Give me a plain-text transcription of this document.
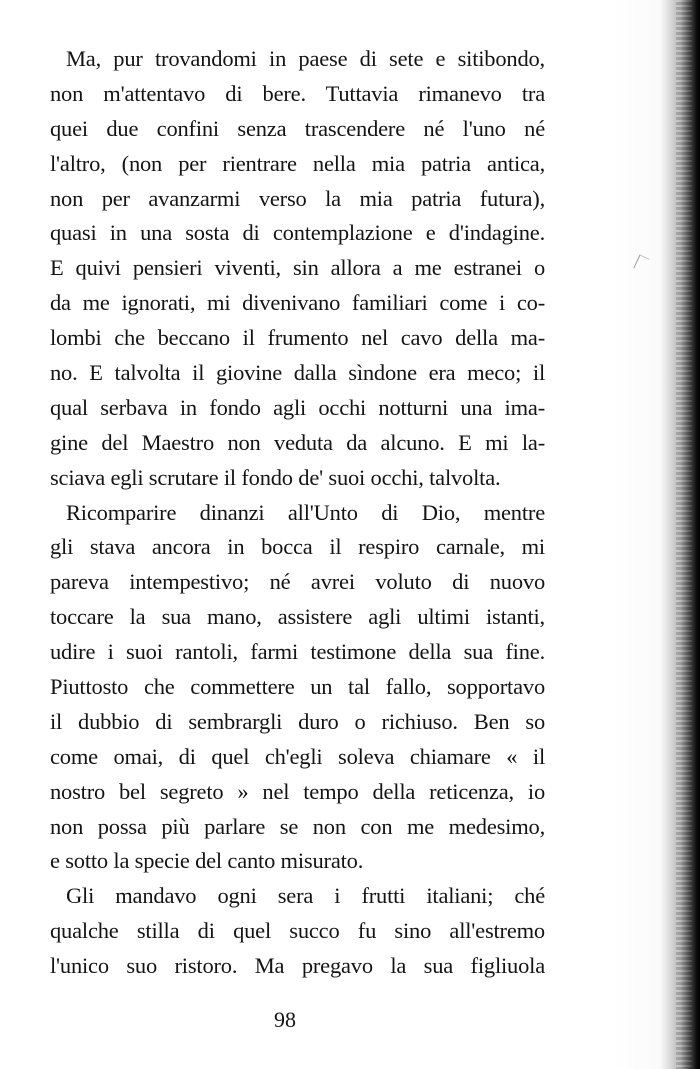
Ma, pur trovandomi in paese di sete e sitibondo,
non m'attentavo di bere. Tuttavia rimanevo tra
quei due confini senza trascendere né l'uno né
l'altro, (non per rientrare nella mia patria antica,
non per avanzarmi verso la mia patria futura),
quasi in una sosta di contemplazione e d'indagine.
E quivi pensieri viventi, sin allora a me estranei o
da me ignorati, mi divenivano familiari come i co‑
lombi che beccano il frumento nel cavo della ma‑
no. E talvolta il giovine dalla sìndone era meco; il
qual serbava in fondo agli occhi notturni una ima‑
gine del Maestro non veduta da alcuno. E mi la‑
sciava egli scrutare il fondo de' suoi occhi, talvolta.
Ricomparire dinanzi all'Unto di Dio, mentre
gli stava ancora in bocca il respiro carnale, mi
pareva intempestivo; né avrei voluto di nuovo
toccare la sua mano, assistere agli ultimi istanti,
udire i suoi rantoli, farmi testimone della sua fine.
Piuttosto che commettere un tal fallo, sopportavo
il dubbio di sembrargli duro o richiuso. Ben so
come omai, di quel ch'egli soleva chiamare « il
nostro bel segreto » nel tempo della reticenza, io
non possa più parlare se non con me medesimo,
e sotto la specie del canto misurato.
Gli mandavo ogni sera i frutti italiani; ché
qualche stilla di quel succo fu sino all'estremo
l'unico suo ristoro. Ma pregavo la sua figliuola
98
